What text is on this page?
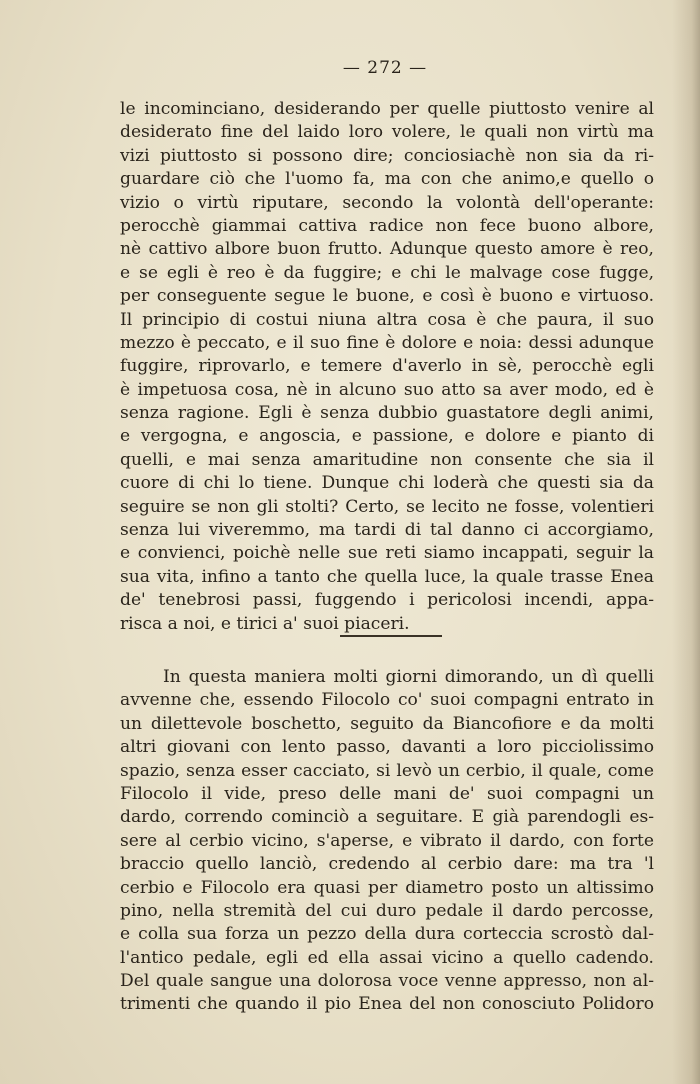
— 272 —
le incominciano, desiderando per quelle piuttosto venire al
desiderato fine del laido loro volere, le quali non virtù ma
vizi piuttosto si possono dire; conciosiachè non sia da ri-
guardare ciò che l'uomo fa, ma con che animo,e quello o
vizio o virtù riputare, secondo la volontà dell'operante:
perocchè giammai cattiva radice non fece buono albore,
nè cattivo albore buon frutto. Adunque questo amore è reo,
e se egli è reo è da fuggire; e chi le malvage cose fugge,
per conseguente segue le buone, e così è buono e virtuoso.
Il principio di costui niuna altra cosa è che paura, il suo
mezzo è peccato, e il suo fine è dolore e noia: dessi adunque
fuggire, riprovarlo, e temere d'averlo in sè, perocchè egli
è impetuosa cosa, nè in alcuno suo atto sa aver modo, ed è
senza ragione. Egli è senza dubbio guastatore degli animi,
e vergogna, e angoscia, e passione, e dolore e pianto di
quelli, e mai senza amaritudine non consente che sia il
cuore di chi lo tiene. Dunque chi loderà che questi sia da
seguire se non gli stolti? Certo, se lecito ne fosse, volentieri
senza lui viveremmo, ma tardi di tal danno ci accorgiamo,
e convienci, poichè nelle sue reti siamo incappati, seguir la
sua vita, infino a tanto che quella luce, la quale trasse Enea
de' tenebrosi passi, fuggendo i pericolosi incendi, appa-
risca a noi, e tirici a' suoi piaceri.
In questa maniera molti giorni dimorando, un dì quelli
avvenne che, essendo Filocolo co' suoi compagni entrato in
un dilettevole boschetto, seguito da Biancofiore e da molti
altri giovani con lento passo, davanti a loro picciolissimo
spazio, senza esser cacciato, si levò un cerbio, il quale, come
Filocolo il vide, preso delle mani de' suoi compagni un
dardo, correndo cominciò a seguitare. E già parendogli es-
sere al cerbio vicino, s'aperse, e vibrato il dardo, con forte
braccio quello lanciò, credendo al cerbio dare: ma tra 'l
cerbio e Filocolo era quasi per diametro posto un altissimo
pino, nella stremità del cui duro pedale il dardo percosse,
e colla sua forza un pezzo della dura corteccia scrostò dal-
l'antico pedale, egli ed ella assai vicino a quello cadendo.
Del quale sangue una dolorosa voce venne appresso, non al-
trimenti che quando il pio Enea del non conosciuto Polidoro
